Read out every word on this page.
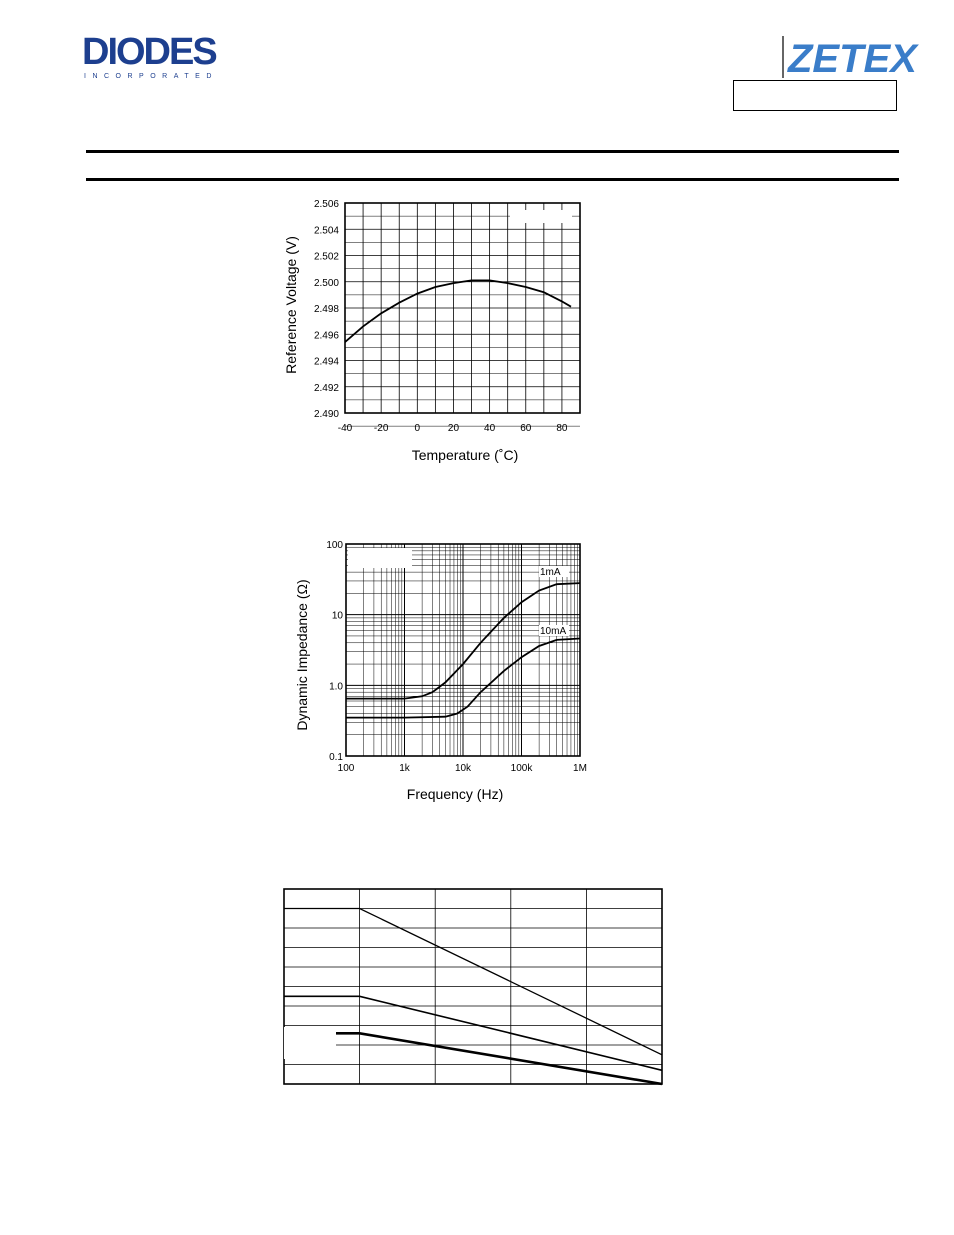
DIODES
INCORPORATED	ZETEX
Temperature (˚C)
Reference Voltage (V)
-40 -20	0	20	40	60	80
2.490
2.492
2.494
2.496
2.498
2.500
2.502
2.504
2.506
Frequency (Hz)
Dynamic Impedance (Ω)
100	1k	10k	100k	1M
0.1
1.0
10
100
1mA
10mA
